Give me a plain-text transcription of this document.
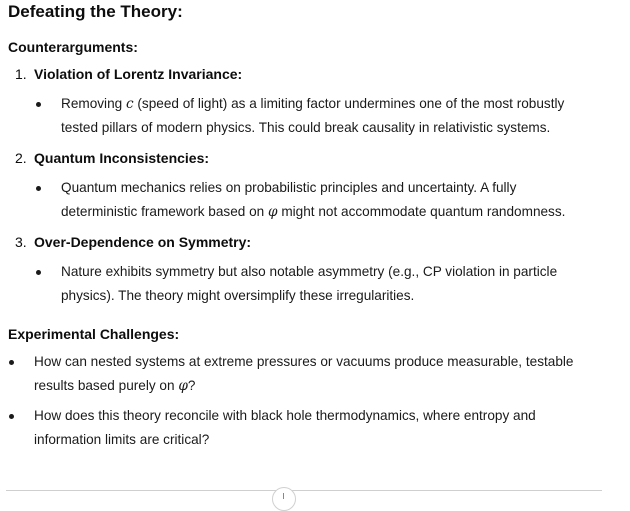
Defeating the Theory:
Counterarguments:
1. Violation of Lorentz Invariance:
Removing c (speed of light) as a limiting factor undermines one of the most robustly
tested pillars of modern physics. This could break causality in relativistic systems.
2. Quantum Inconsistencies:
Quantum mechanics relies on probabilistic principles and uncertainty. A fully
deterministic framework based on φ might not accommodate quantum randomness.
3. Over-Dependence on Symmetry:
Nature exhibits symmetry but also notable asymmetry (e.g., CP violation in particle
physics). The theory might oversimplify these irregularities.
Experimental Challenges:
How can nested systems at extreme pressures or vacuums produce measurable, testable
results based purely on φ?
How does this theory reconcile with black hole thermodynamics, where entropy and
information limits are critical?
